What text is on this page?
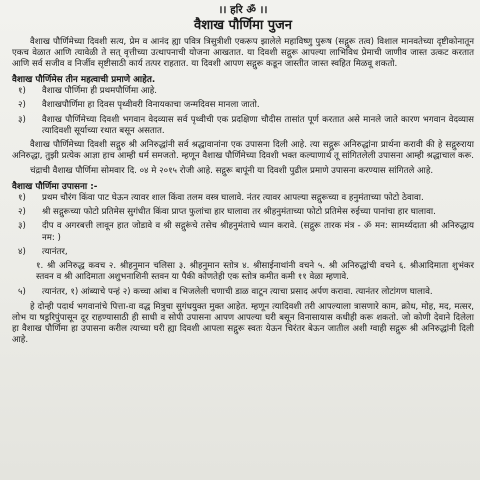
।। हरि ॐ ।।
वैशाख पौर्णिमा पुजन

वैशाख पौर्णिमेच्या दिवशी सत्य, प्रेम व आनंद ह्या पवित्र त्रिसुत्रीशी एकरूप झालेले महाविष्णु पुरूष (सद्गुरू तत्व) विशाल मानवतेच्या दृष्टीकोनातून एकच वेळात आणि त्यावेळी ते सत् वृत्तीच्या उत्थापनाची योजना आखतात. या दिवशी सद्गुरू आपल्या लाभिविध प्रेमाची जाणीव जास्त उत्कट करतात आणि सर्व सजीव व निर्जीव सृष्टीसाठी कार्य तत्पर राहतात. या दिवशी आपण सद्गुरू कडून जास्तीत जास्त स्वहित मिळवू शकतो.

वैशाख पौर्णिमेस तीन महत्वाची प्रमाणे आहेत.
१)	वैशाख पौर्णिमा ही प्रथमपौर्णिमा आहे.
२)	वैशाखपौर्णिमा हा दिवस पृथ्वीवरी विनायकाचा जन्मदिवस मानला जातो.
३)	वैशाख पौर्णिमेच्या दिवशी भगवान वेदव्यास सर्व पृथ्वीची एक प्रदक्षिणा चौदीस तासांत पूर्ण करतात असे मानले जाते कारण भगवान वेदव्यास त्यादिवशी सूर्याच्या रथात बसून असतात.

वैशाख पौर्णिमेच्या दिवशी सद्गुरु श्री अनिरुद्धांनी सर्व श्रद्धावानांना एक उपासना दिली आहे. त्या सद्गुरू अनिरुद्धांना प्रार्थना करावी की हे सद्गुरुराया अनिरुद्धा, तुझी प्रत्येक आज्ञा हाच आम्ही धर्म समजतो. म्हणून वैशाख पौर्णिमेच्या दिवशी भक्त कल्याणार्थ तू सांगितलेली उपासना आम्ही श्रद्धाचाल करू.

चंद्राची वैशाख पौर्णिमा सोमवार दि. ०४ मे २०१५ रोजी आहे. सद्गुरू बापूंनी या दिवशी पुढील प्रमाणे उपासना करण्यास सांगितले आहे.

वैशाख पौर्णिमा उपासना :-
१)	प्रथम चौरंग किंवा पाट घेऊन त्यावर शाल किंवा तलम वस्त्र घालावे. नंतर त्यावर आपल्या सद्गुरूच्या व हनुमंताच्या फोटो ठेवावा.
२)	श्री सद्गुरूच्या फोटो प्रतिमेस सुगंधीत किंवा प्राप्त फुलांचा हार घालावा तर श्रीहनुमंताच्या फोटो प्रतिमेस रुईच्या पानांचा हार घालावा.
३)	दीप व अगरबत्ती लावून हात जोडावे व श्री सद्गुरूंचे तसेच श्रीहनुमंताचे ध्यान करावे. (सद्गुरू तारक मंत्र - ॐ मन: सामर्थ्यदाता श्री अनिरुद्धाय नम: )
४)	त्यानंतर,

१. श्री अनिरुद्ध कवच २. श्रीहनुमान चलिसा ३. श्रीहनुमान स्तोत्र ४. श्रीसाईनाथांनी वचने ५. श्री अनिरुद्धांची वचने ६. श्रीआदिमाता शुभंकर स्तवन व श्री आदिमाता अशुभनाशिनी स्तवन या पैकी कोणतेही एक स्तोत्र कमीत कमी ११ वेळा म्हणावे.

५)	त्यानंतर, १) आंब्याचे पन्हं २) कच्चा आंबा व भिजलेली चणाची डाळ वाटून त्याचा प्रसाद अर्पण करावा. त्यानंतर लोटांगण घालावे.

हे दोन्ही पदार्थ भगवानांचे पित्ता-वा वद्ध मित्रुचा सुगंधयुक्त मुक्त आहेत. म्हणून त्यादिवशी तरी आपल्याला त्रासणारे काम, क्रोध, मोह, मद, मत्सर, लोभ या षड्ररिपुंपासून दूर राहण्यासाठी ही साधी व सोपी उपासना आपण आपल्या घरी बसून विनासायास कधीही करू शकतो. जो कोणी देवाने दिलेला हा वैशाख पौर्णिमा हा उपासना करील त्याच्या घरी ह्या दिवशी आपला सद्गुरू स्वतः येऊन चिरंतर बेऊन जातील अशी ग्वाही सद्गुरू श्री अनिरुद्धांनी दिली आहे.
